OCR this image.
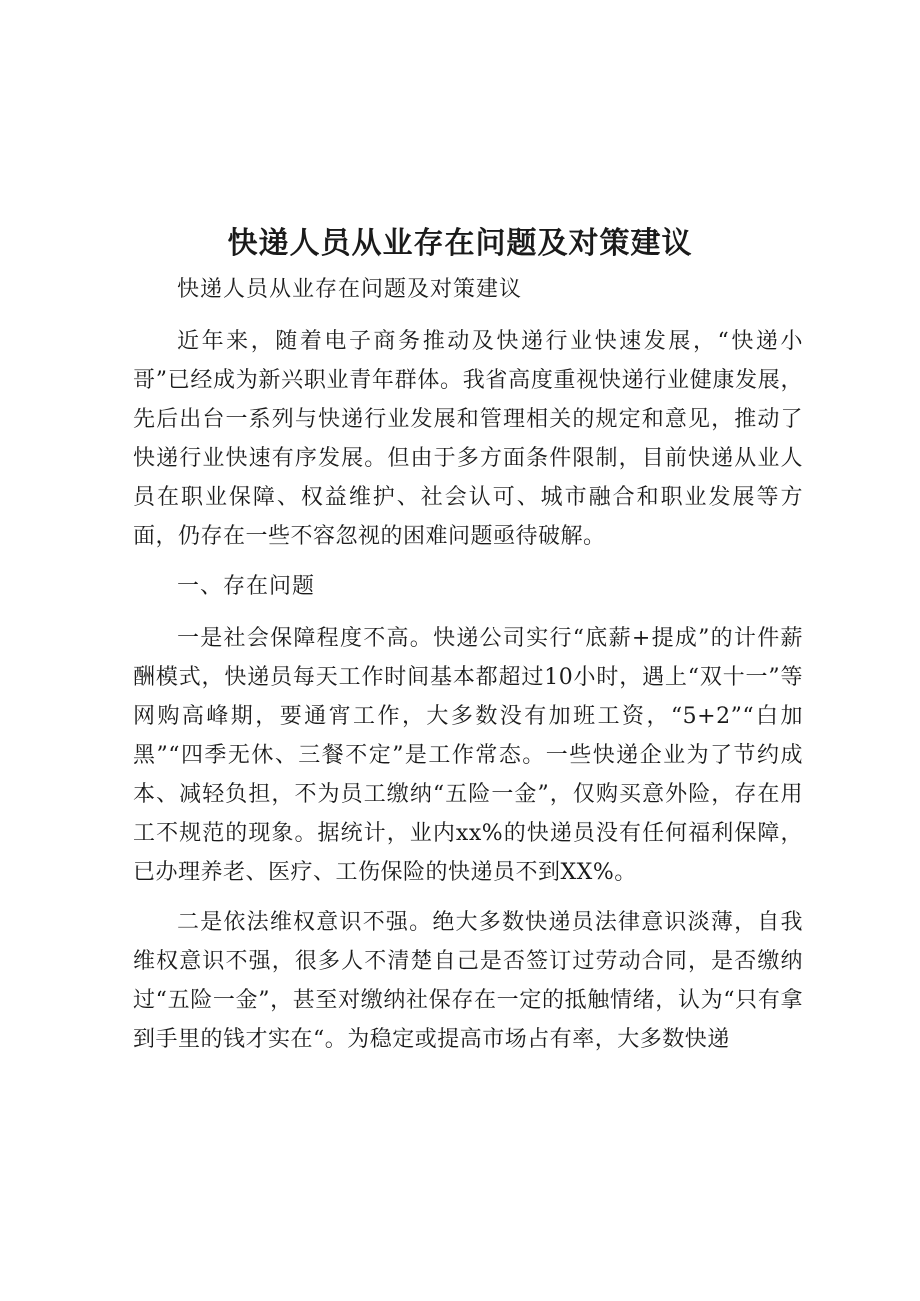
快递人员从业存在问题及对策建议

快递人员从业存在问题及对策建议

近年来，随着电子商务推动及快递行业快速发展，“快递小哥”已经成为新兴职业青年群体。我省高度重视快递行业健康发展，先后出台一系列与快递行业发展和管理相关的规定和意见，推动了快递行业快速有序发展。但由于多方面条件限制，目前快递从业人员在职业保障、权益维护、社会认可、城市融合和职业发展等方面，仍存在一些不容忽视的困难问题亟待破解。

一、存在问题

一是社会保障程度不高。快递公司实行“底薪+提成”的计件薪酬模式，快递员每天工作时间基本都超过10小时，遇上“双十一”等网购高峰期，要通宵工作，大多数没有加班工资，“5+2”“白加黑”“四季无休、三餐不定”是工作常态。一些快递企业为了节约成本、减轻负担，不为员工缴纳“五险一金”，仅购买意外险，存在用工不规范的现象。据统计，业内xx%的快递员没有任何福利保障，已办理养老、医疗、工伤保险的快递员不到XX%。

二是依法维权意识不强。绝大多数快递员法律意识淡薄，自我维权意识不强，很多人不清楚自己是否签订过劳动合同，是否缴纳过“五险一金”，甚至对缴纳社保存在一定的抵触情绪，认为“只有拿到手里的钱才实在“。为稳定或提高市场占有率，大多数快递
